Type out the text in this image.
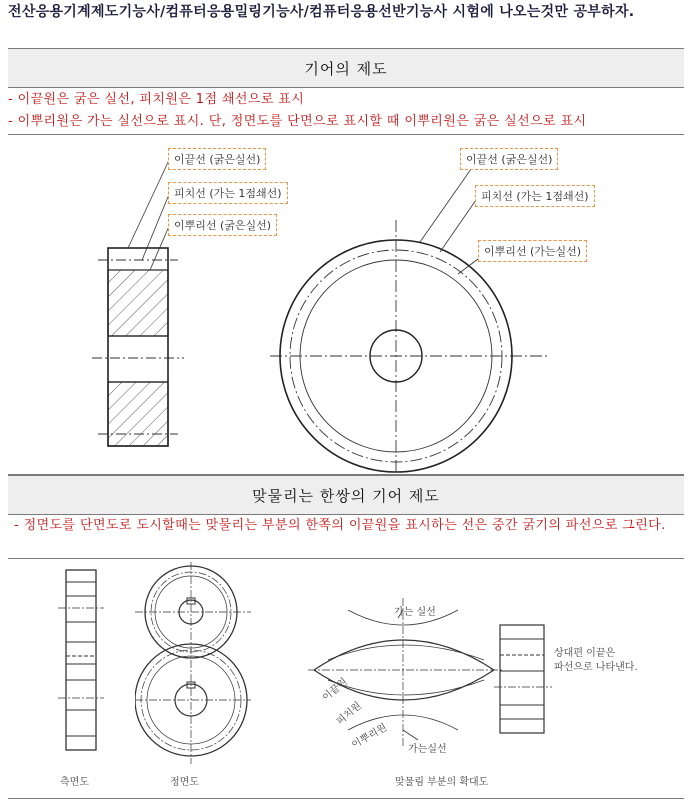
전산응용기계제도기능사/컴퓨터응용밀링기능사/컴퓨터응용선반기능사 시험에 나오는것만 공부하자.
기어의 제도
- 이끝원은 굵은 실선, 피치원은 1점 쇄선으로 표시
- 이뿌리원은 가는 실선으로 표시. 단, 정면도를 단면으로 표시할 때 이뿌리원은 굵은 실선으로 표시
이끝선 (굵은실선)
피치선 (가는 1점쇄선)
이뿌리선 (굵은실선)
이끝선 (굵은실선)
피치선 (가는 1점쇄선)
이뿌리선 (가는실선)
맞물리는 한쌍의 기어 제도
- 정면도를 단면도로 도시할때는 맞물리는 부분의 한쪽의 이끝원을 표시하는 선은 중간 굵기의 파선으로 그린다.
측면도	정면도
가는 실선
가는실선
이끝원
피치원
이뿌리원
맞물림 부분의 확대도
상대편 이끝은
파선으로 나타낸다.
